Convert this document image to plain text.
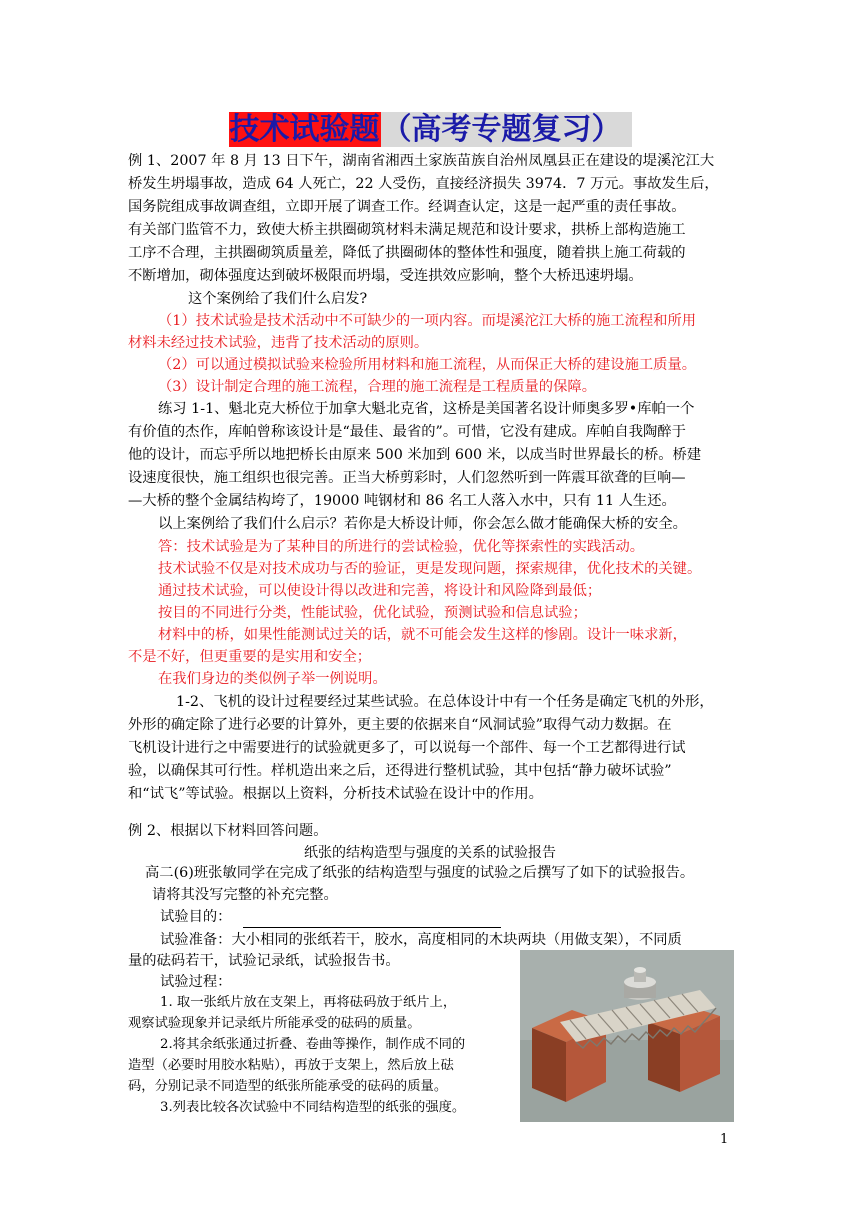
技术试验题（高考专题复习）
例 1、2007 年 8 月 13 日下午，湖南省湘西土家族苗族自治州凤凰县正在建设的堤溪沱江大
桥发生坍塌事故，造成 64 人死亡，22 人受伤，直接经济损失 3974．7 万元。事故发生后，
国务院组成事故调查组，立即开展了调查工作。经调查认定，这是一起严重的责任事故。
有关部门监管不力，致使大桥主拱圈砌筑材料未满足规范和设计要求，拱桥上部构造施工
工序不合理，主拱圈砌筑质量差，降低了拱圈砌体的整体性和强度，随着拱上施工荷载的
不断增加，砌体强度达到破坏极限而坍塌，受连拱效应影响，整个大桥迅速坍塌。
这个案例给了我们什么启发?
（1）技术试验是技术活动中不可缺少的一项内容。而堤溪沱江大桥的施工流程和所用
材料未经过技术试验，违背了技术活动的原则。
（2）可以通过模拟试验来检验所用材料和施工流程，从而保正大桥的建设施工质量。
（3）设计制定合理的施工流程，合理的施工流程是工程质量的保障。
练习 1-1、魁北克大桥位于加拿大魁北克省，这桥是美国著名设计师奥多罗•库帕一个
有价值的杰作，库帕曾称该设计是“最佳、最省的”。可惜，它没有建成。库帕自我陶醉于
他的设计，而忘乎所以地把桥长由原来 500 米加到 600 米，以成当时世界最长的桥。桥建
设速度很快，施工组织也很完善。正当大桥剪彩时，人们忽然听到一阵震耳欲聋的巨响—
—大桥的整个金属结构垮了，19000 吨钢材和 86 名工人落入水中，只有 11 人生还。
以上案例给了我们什么启示？若你是大桥设计师，你会怎么做才能确保大桥的安全。
答：技术试验是为了某种目的所进行的尝试检验，优化等探索性的实践活动。
技术试验不仅是对技术成功与否的验证，更是发现问题，探索规律，优化技术的关键。
通过技术试验，可以使设计得以改进和完善，将设计和风险降到最低；
按目的不同进行分类，性能试验，优化试验，预测试验和信息试验；
材料中的桥，如果性能测试过关的话，就不可能会发生这样的惨剧。设计一味求新，
不是不好，但更重要的是实用和安全；
在我们身边的类似例子举一例说明。
1-2、飞机的设计过程要经过某些试验。在总体设计中有一个任务是确定飞机的外形，
外形的确定除了进行必要的计算外，更主要的依据来自“风洞试验”取得气动力数据。在
飞机设计进行之中需要进行的试验就更多了，可以说每一个部件、每一个工艺都得进行试
验，以确保其可行性。样机造出来之后，还得进行整机试验，其中包括“静力破坏试验”
和“试飞”等试验。根据以上资料，分析技术试验在设计中的作用。
例 2、根据以下材料回答问题。
纸张的结构造型与强度的关系的试验报告
高二(6)班张敏同学在完成了纸张的结构造型与强度的试验之后撰写了如下的试验报告。
请将其没写完整的补充完整。
试验目的：
试验准备：大小相同的张纸若干，胶水，高度相同的木块两块（用做支架），不同质
量的砝码若干，试验记录纸，试验报告书。
试验过程：
1. 取一张纸片放在支架上，再将砝码放于纸片上，
观察试验现象并记录纸片所能承受的砝码的质量。
2.将其余纸张通过折叠、卷曲等操作，制作成不同的
造型（必要时用胶水粘贴），再放于支架上，然后放上砝
码，分别记录不同造型的纸张所能承受的砝码的质量。
3.列表比较各次试验中不同结构造型的纸张的强度。
1
